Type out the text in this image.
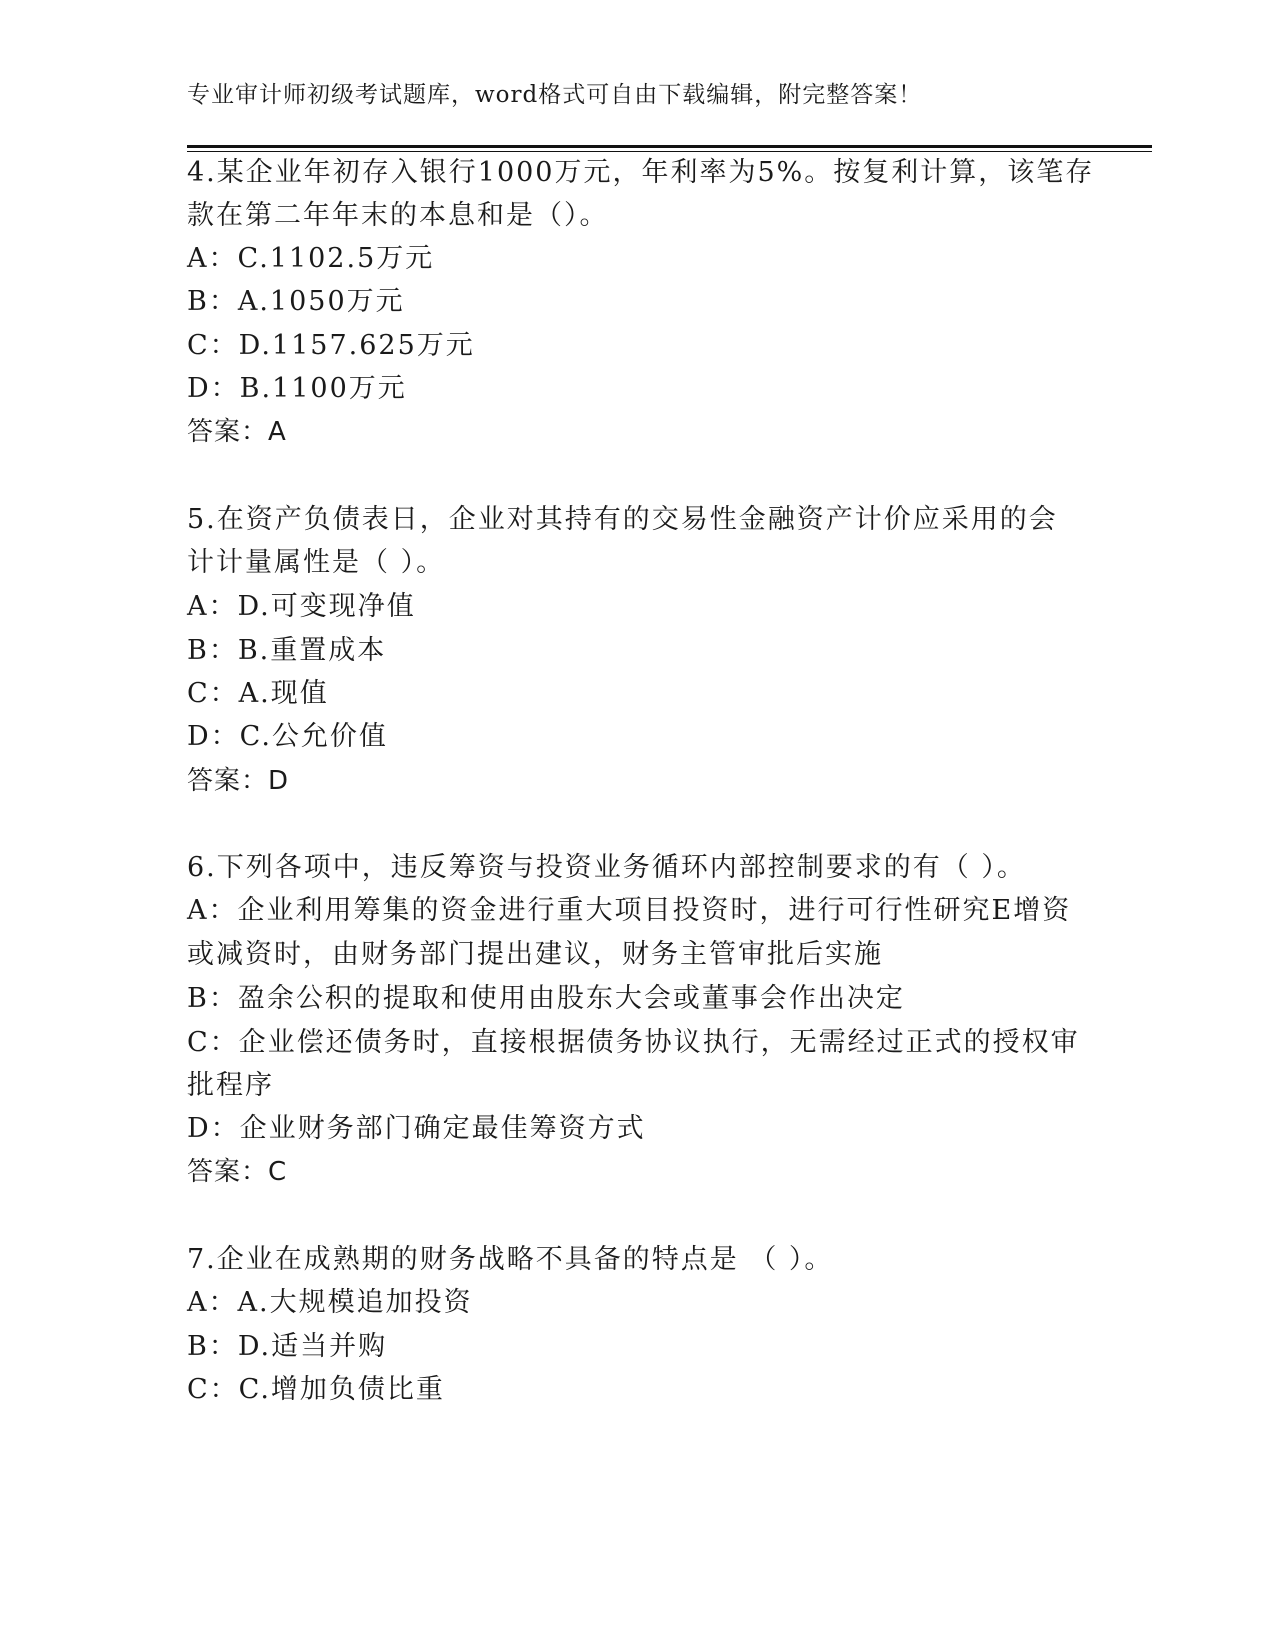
专业审计师初级考试题库，word格式可自由下载编辑，附完整答案！
4.某企业年初存入银行1000万元，年利率为5%。按复利计算，该笔存
款在第二年年末的本息和是（）。
A：C.1102.5万元
B：A.1050万元
C：D.1157.625万元
D：B.1100万元
答案：A
5.在资产负债表日，企业对其持有的交易性金融资产计价应采用的会
计计量属性是（ ）。
A：D.可变现净值
B：B.重置成本
C：A.现值
D：C.公允价值
答案：D
6.下列各项中，违反筹资与投资业务循环内部控制要求的有（ ）。
A：企业利用筹集的资金进行重大项目投资时，进行可行性研究E增资
或减资时，由财务部门提出建议，财务主管审批后实施
B：盈余公积的提取和使用由股东大会或董事会作出决定
C：企业偿还债务时，直接根据债务协议执行，无需经过正式的授权审
批程序
D：企业财务部门确定最佳筹资方式
答案：C
7.企业在成熟期的财务战略不具备的特点是 （ ）。
A：A.大规模追加投资
B：D.适当并购
C：C.增加负债比重
